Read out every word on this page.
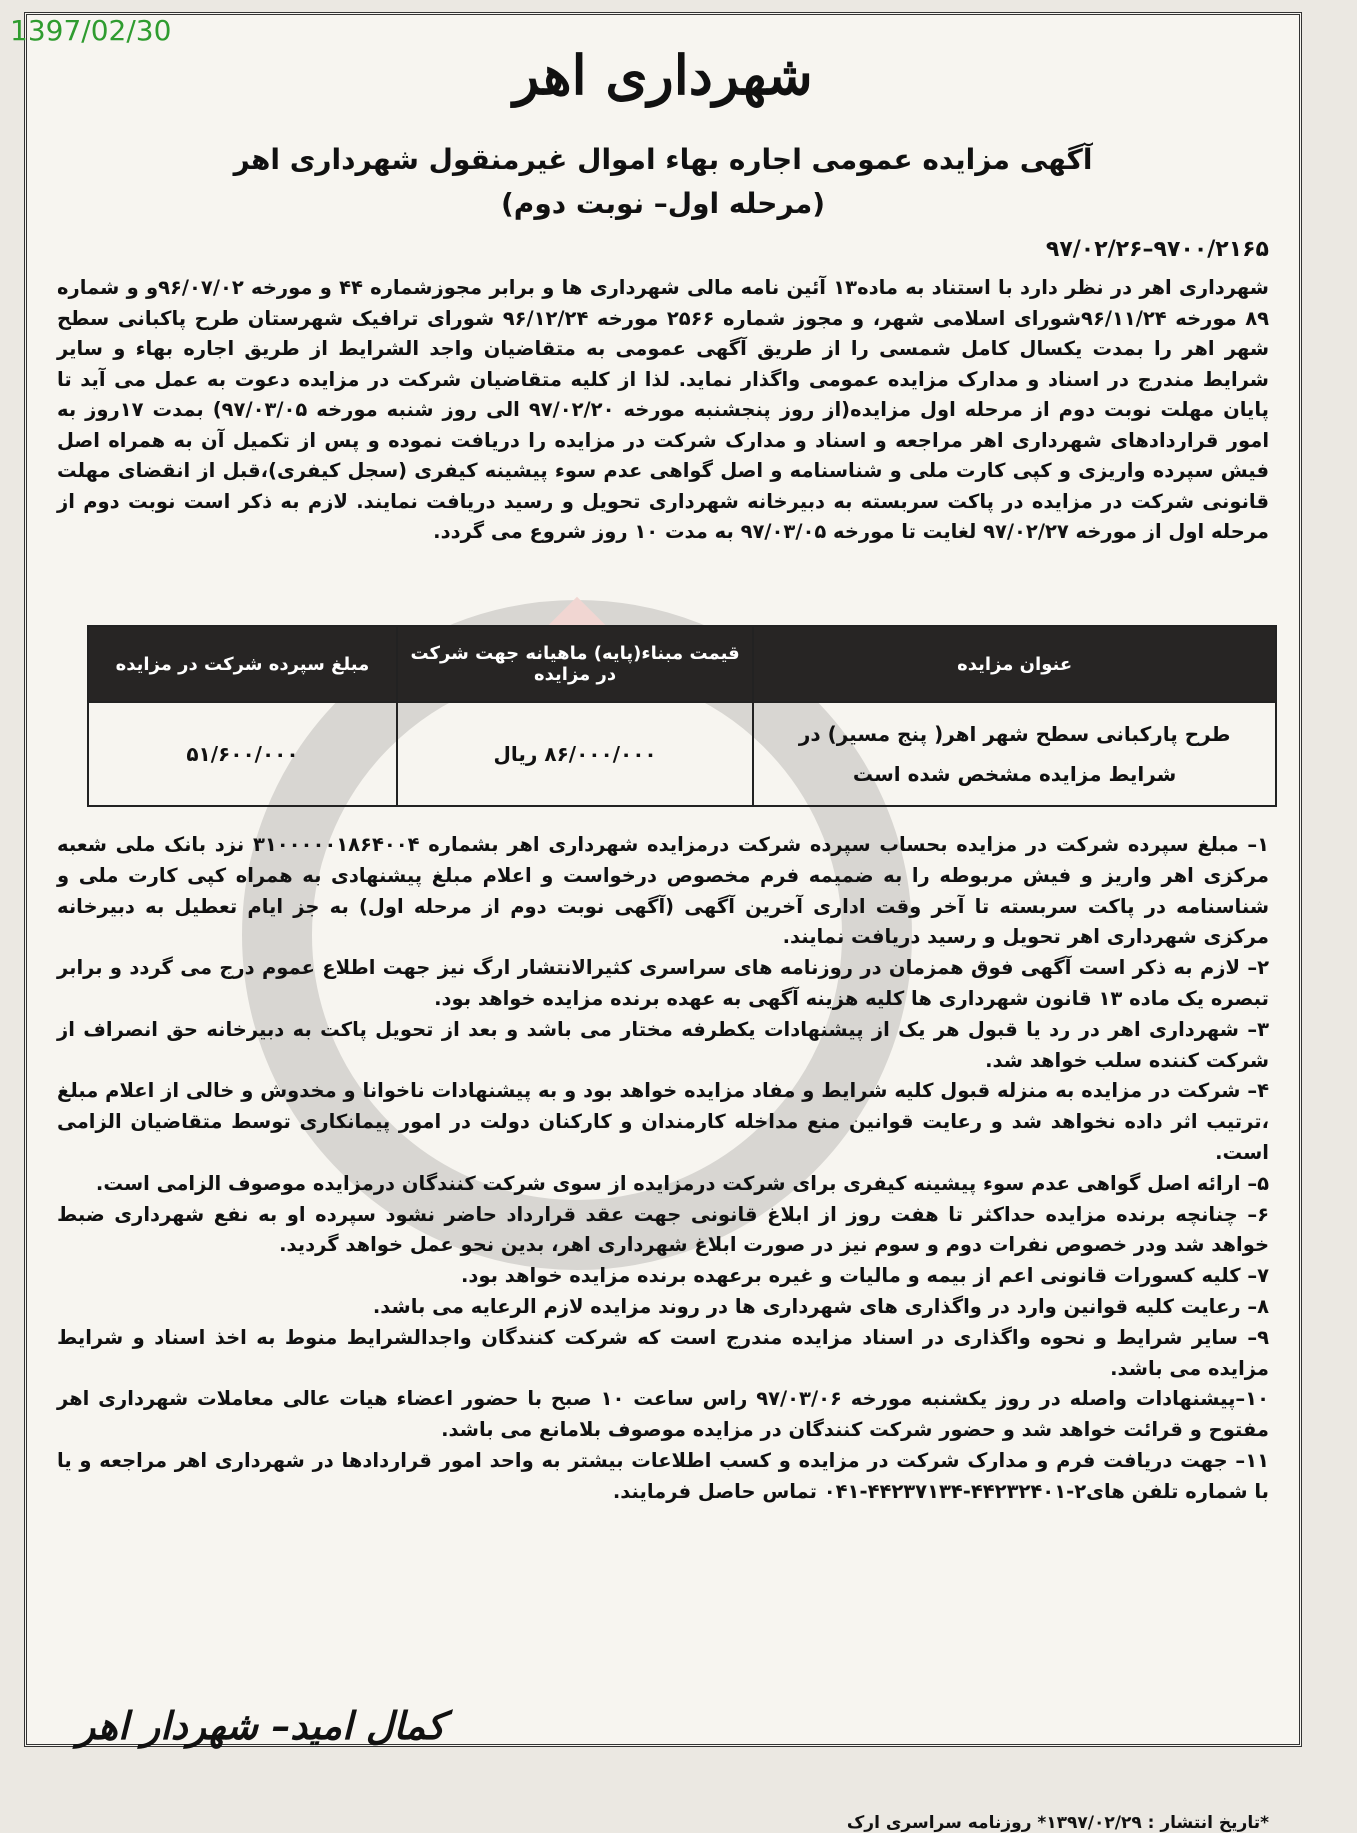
1397/02/30
شهرداری اهر
آگهی مزایده عمومی اجاره بهاء اموال غیرمنقول شهرداری اهر
(مرحله اول– نوبت دوم)
۹۷۰۰/۲۱۶۵–۹۷/۰۲/۲۶
شهرداری اهر در نظر دارد با استناد به ماده۱۳ آئین نامه مالی شهرداری ها و برابر مجوزشماره ۴۴ و مورخه ۹۶/۰۷/۰۲و و شماره ۸۹ مورخه ۹۶/۱۱/۲۴شورای اسلامی شهر، و مجوز شماره ۲۵۶۶ مورخه ۹۶/۱۲/۲۴ شورای ترافیک شهرستان طرح پاکبانی سطح شهر اهر را بمدت یکسال کامل شمسی را از طریق آگهی عمومی به متقاضیان واجد الشرایط از طریق اجاره بهاء و سایر شرایط مندرج در اسناد و مدارک مزایده عمومی واگذار نماید. لذا از کلیه متقاضیان شرکت در مزایده دعوت به عمل می آید تا پایان مهلت نوبت دوم از مرحله اول مزایده(از روز پنجشنبه مورخه ۹۷/۰۲/۲۰ الی روز شنبه مورخه ۹۷/۰۳/۰۵) بمدت ۱۷روز به امور قراردادهای شهرداری اهر مراجعه و اسناد و مدارک شرکت در مزایده را دریافت نموده و پس از تکمیل آن به همراه اصل فیش سپرده واریزی و کپی کارت ملی و شناسنامه و اصل گواهی عدم سوء پیشینه کیفری (سجل کیفری)،قبل از انقضای مهلت قانونی شرکت در مزایده در پاکت سربسته به دبیرخانه شهرداری تحویل و رسید دریافت نمایند. لازم به ذکر است نوبت دوم از مرحله اول از مورخه ۹۷/۰۲/۲۷ لغایت تا مورخه ۹۷/۰۳/۰۵ به مدت ۱۰ روز شروع می گردد.
عنوان مزایده	قیمت مبناء(پایه) ماهیانه جهت شرکت در مزایده	مبلغ سپرده شرکت در مزایده
طرح پارکبانی سطح شهر اهر( پنج مسیر) در شرایط مزایده مشخص شده است	۸۶/۰۰۰/۰۰۰ ریال	۵۱/۶۰۰/۰۰۰

۱– مبلغ سپرده شرکت در مزایده بحساب سپرده شرکت درمزایده شهرداری اهر بشماره ۳۱۰۰۰۰۰۱۸۶۴۰۰۴ نزد بانک ملی شعبه مرکزی اهر واریز و فیش مربوطه را به ضمیمه فرم مخصوص درخواست و اعلام مبلغ پیشنهادی به همراه کپی کارت ملی و شناسنامه در پاکت سربسته تا آخر وقت اداری آخرین آگهی (آگهی نوبت دوم از مرحله اول) به جز ایام تعطیل به دبیرخانه مرکزی شهرداری اهر تحویل و رسید دریافت نمایند.

۲– لازم به ذکر است آگهی فوق همزمان در روزنامه های سراسری کثیرالانتشار ارگ نیز جهت اطلاع عموم درج می گردد و برابر تبصره یک ماده ۱۳ قانون شهرداری ها کلیه هزینه آگهی به عهده برنده مزایده خواهد بود.

۳– شهرداری اهر در رد یا قبول هر یک از پیشنهادات یکطرفه مختار می باشد و بعد از تحویل پاکت به دبیرخانه حق انصراف از شرکت کننده سلب خواهد شد.

۴– شرکت در مزایده به منزله قبول کلیه شرایط و مفاد مزایده خواهد بود و به پیشنهادات ناخوانا و مخدوش و خالی از اعلام مبلغ ،ترتیب اثر داده نخواهد شد و رعایت قوانین منع مداخله کارمندان و کارکنان دولت در امور پیمانکاری توسط متقاضیان الزامی است.

۵– ارائه اصل گواهی عدم سوء پیشینه کیفری برای شرکت درمزایده از سوی شرکت کنندگان درمزایده موصوف الزامی است.

۶– چنانچه برنده مزایده حداکثر تا هفت روز از ابلاغ قانونی جهت عقد قرارداد حاضر نشود سپرده او به نفع شهرداری ضبط خواهد شد ودر خصوص نفرات دوم و سوم نیز در صورت ابلاغ شهرداری اهر، بدین نحو عمل خواهد گردید.

۷– کلیه کسورات قانونی اعم از بیمه و مالیات و غیره برعهده برنده مزایده خواهد بود.

۸– رعایت کلیه قوانین وارد در واگذاری های شهرداری ها در روند مزایده لازم الرعایه می باشد.

۹– سایر شرایط و نحوه واگذاری در اسناد مزایده مندرج است که شرکت کنندگان واجدالشرایط منوط به اخذ اسناد و شرایط مزایده می باشد.

۱۰–پیشنهادات واصله در روز یکشنبه مورخه ۹۷/۰۳/۰۶ راس ساعت ۱۰ صبح با حضور اعضاء هیات عالی معاملات شهرداری اهر مفتوح و قرائت خواهد شد و حضور شرکت کنندگان در مزایده موصوف بلامانع می باشد.

۱۱– جهت دریافت فرم و مدارک شرکت در مزایده و کسب اطلاعات بیشتر به واحد امور قراردادها در شهرداری اهر مراجعه و یا با شماره تلفن های۲-۴۴۲۳۲۴۰۱-۴۴۲۳۷۱۳۴-۰۴۱ تماس حاصل فرمایند.

کمال امید– شهردار اهر
*تاریخ انتشار : ۱۳۹۷/۰۲/۲۹* روزنامه سراسری ارک
